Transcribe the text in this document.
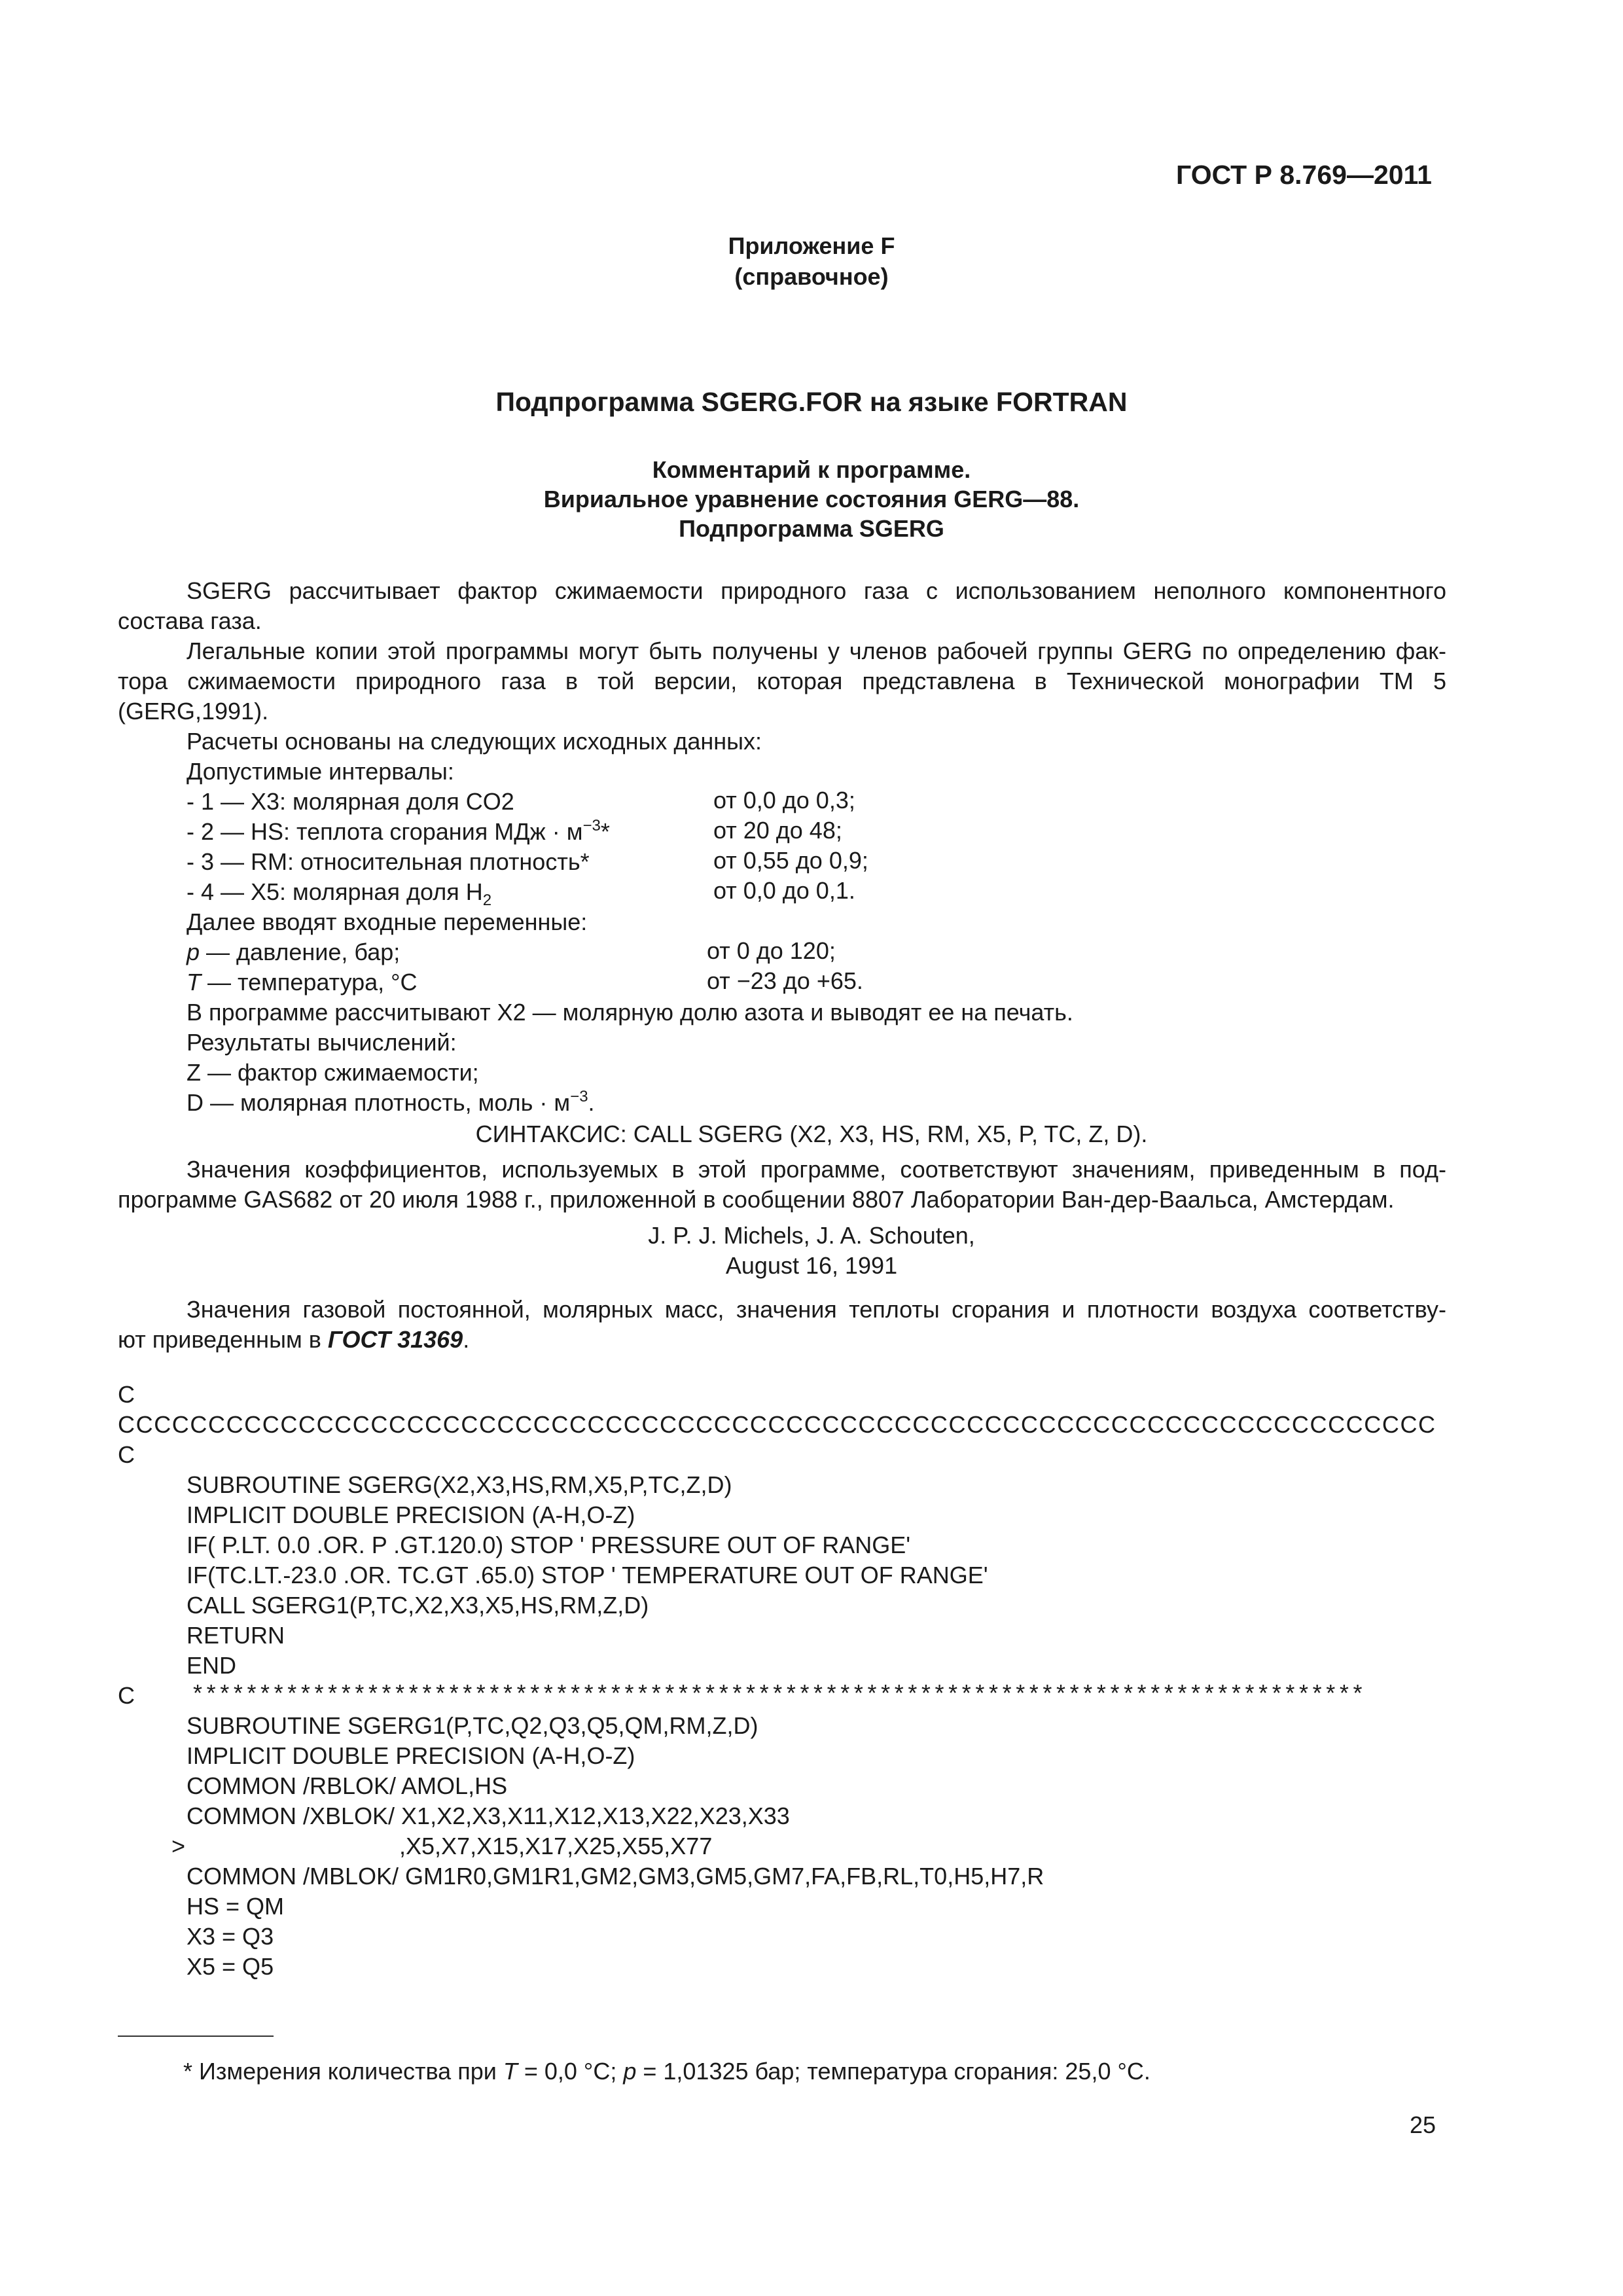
ГОСТ Р 8.769—2011
Приложение F
(справочное)
Подпрограмма SGERG.FOR на языке FORTRAN
Комментарий к программе.
Вириальное уравнение состояния GERG—88.
Подпрограмма SGERG
SGERG рассчитывает фактор сжимаемости природного газа с использованием неполного компонентного
состава газа.
Легальные копии этой программы могут быть получены у членов рабочей группы GERG по определению фак-
тора сжимаемости природного газа в той версии, которая представлена в Технической монографии ТМ 5
(GERG,1991).
Расчеты основаны на следующих исходных данных:
Допустимые интервалы:
- 1 — X3: молярная доля CO2	от 0,0 до 0,3;
- 2 — HS: теплота сгорания МДж · $м^{-3}*$	от 20 до 48;
- 3 — RM: относительная плотность*	от 0,55 до 0,9;
- 4 — X5: молярная доля $H_2$	от 0,0 до 0,1.
Далее вводят входные переменные:
p — давление, бар;	от 0 до 120;
T — температура, °C	от −23 до +65.
В программе рассчитывают X2 — молярную долю азота и выводят ее на печать.
Результаты вычислений:
Z — фактор сжимаемости;
D — молярная плотность, моль · $м^{-3}$.
СИНТАКСИС: CALL SGERG (X2, X3, HS, RM, X5, P, TC, Z, D).
Значения коэффициентов, используемых в этой программе, соответствуют значениям, приведенным в под-
программе GAS682 от 20 июля 1988 г., приложенной в сообщении 8807 Лаборатории Ван-дер-Ваальса, Амстердам.
J. P. J. Michels, J. A. Schouten,
August 16, 1991
Значения газовой постоянной, молярных масс, значения теплоты сгорания и плотности воздуха соответству-
ют приведенным в ГОСТ 31369.
C
CCCCCCCCCCCCCCCCCCCCCCCCCCCCCCCCCCCCCCCCCCCCCCCCCCCCCCCCCCCCCCCCCCCCCCCCC
C
SUBROUTINE SGERG(X2,X3,HS,RM,X5,P,TC,Z,D)
IMPLICIT DOUBLE PRECISION (A-H,O-Z)
IF( P.LT. 0.0 .OR. P .GT.120.0) STOP ' PRESSURE OUT OF RANGE'
IF(TC.LT.-23.0 .OR. TC.GT .65.0) STOP ' TEMPERATURE OUT OF RANGE'
CALL SGERG1(P,TC,X2,X3,X5,HS,RM,Z,D)
RETURN
END
C ***************************************************************************************
SUBROUTINE SGERG1(P,TC,Q2,Q3,Q5,QM,RM,Z,D)
IMPLICIT DOUBLE PRECISION (A-H,O-Z)
COMMON /RBLOK/ AMOL,HS
COMMON /XBLOK/ X1,X2,X3,X11,X12,X13,X22,X23,X33
>	,X5,X7,X15,X17,X25,X55,X77
COMMON /MBLOK/ GM1R0,GM1R1,GM2,GM3,GM5,GM7,FA,FB,RL,T0,H5,H7,R
HS = QM
X3 = Q3
X5 = Q5
* Измерения количества при T = 0,0 °C; p = 1,01325 бар; температура сгорания: 25,0 °C.
25
